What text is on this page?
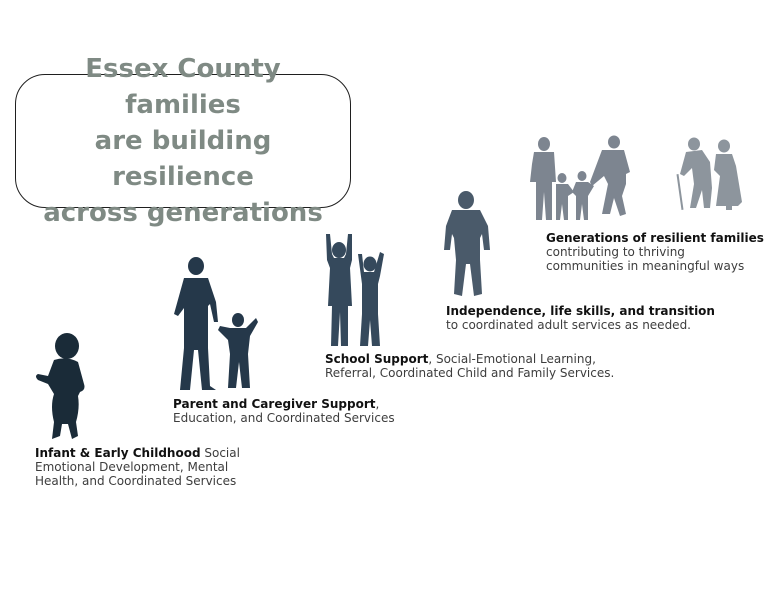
Essex County families
are building resilience
across generations

Infant & Early Childhood Social
Emotional Development, Mental
Health, and Coordinated Services

Parent and Caregiver Support,
Education, and Coordinated Services

School Support, Social-Emotional Learning,
Referral, Coordinated Child and Family Services.

Independence, life skills, and transition
to coordinated adult services as needed.

Generations of resilient families
contributing to thriving
communities in meaningful ways
